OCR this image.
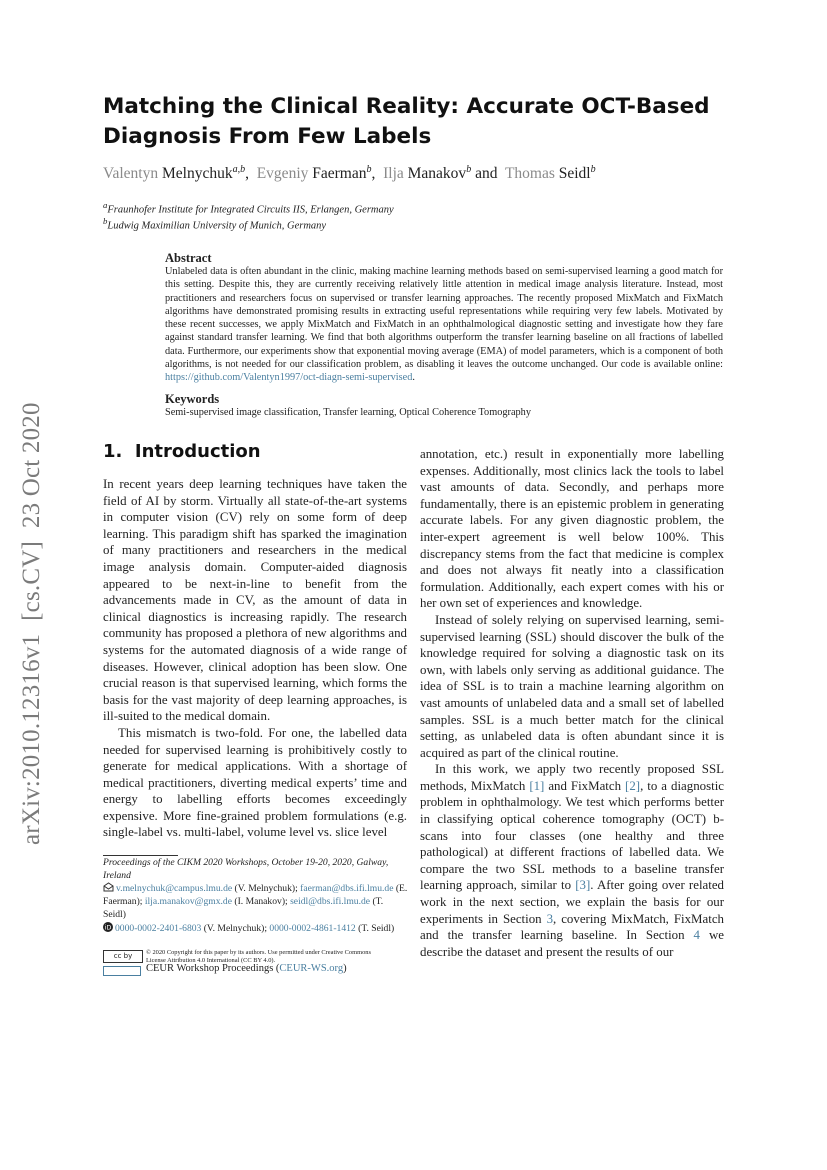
arXiv:2010.12316v1  [cs.CV]  23 Oct 2020
Matching the Clinical Reality: Accurate OCT-Based Diagnosis From Few Labels
Valentyn Melnychuk$^{a,b}$, Evgeniy Faerman$^b$, Ilja Manakov$^b$ and Thomas Seidl$^b$
$^a$Fraunhofer Institute for Integrated Circuits IIS, Erlangen, Germany
$^b$Ludwig Maximilian University of Munich, Germany
Abstract
Unlabeled data is often abundant in the clinic, making machine learning methods based on semi-supervised learning a good match for this setting. Despite this, they are currently receiving relatively little attention in medical image analysis literature. Instead, most practitioners and researchers focus on supervised or transfer learning approaches. The recently proposed MixMatch and FixMatch algorithms have demonstrated promising results in extracting useful representations while requiring very few labels. Motivated by these recent successes, we apply MixMatch and FixMatch in an ophthalmological diagnostic setting and investigate how they fare against standard transfer learning. We find that both algorithms outperform the transfer learning baseline on all fractions of labelled data. Furthermore, our experiments show that exponential moving average (EMA) of model parameters, which is a component of both algorithms, is not needed for our classification problem, as disabling it leaves the outcome unchanged. Our code is available online: https://github.com/Valentyn1997/oct-diagn-semi-supervised.
Keywords
Semi-supervised image classification, Transfer learning, Optical Coherence Tomography
1. Introduction

In recent years deep learning techniques have taken the field of AI by storm. Virtually all state-of-the-art systems in computer vision (CV) rely on some form of deep learning. This paradigm shift has sparked the imagination of many practitioners and researchers in the medical image analysis domain. Computer-aided diagnosis appeared to be next-in-line to benefit from the advancements made in CV, as the amount of data in clinical diagnostics is increasing rapidly. The research community has proposed a plethora of new algorithms and systems for the automated diagnosis of a wide range of diseases. However, clinical adoption has been slow. One crucial reason is that supervised learning, which forms the basis for the vast majority of deep learning approaches, is ill-suited to the medical domain.

This mismatch is two-fold. For one, the labelled data needed for supervised learning is prohibitively costly to generate for medical applications. With a shortage of medical practitioners, diverting medical experts’ time and energy to labelling efforts becomes exceedingly expensive. More fine-grained problem formulations (e.g. single-label vs. multi-label, volume level vs. slice level

annotation, etc.) result in exponentially more labelling expenses. Additionally, most clinics lack the tools to label vast amounts of data. Secondly, and perhaps more fundamentally, there is an epistemic problem in generating accurate labels. For any given diagnostic problem, the inter-expert agreement is well below 100%. This discrepancy stems from the fact that medicine is complex and does not always fit neatly into a classification formulation. Additionally, each expert comes with his or her own set of experiences and knowledge.

Instead of solely relying on supervised learning, semi-supervised learning (SSL) should discover the bulk of the knowledge required for solving a diagnostic task on its own, with labels only serving as additional guidance. The idea of SSL is to train a machine learning algorithm on vast amounts of unlabeled data and a small set of labelled samples. SSL is a much better match for the clinical setting, as unlabeled data is often abundant since it is acquired as part of the clinical routine.

In this work, we apply two recently proposed SSL methods, MixMatch [1] and FixMatch [2], to a diagnostic problem in ophthalmology. We test which performs better in classifying optical coherence tomography (OCT) b-scans into four classes (one healthy and three pathological) at different fractions of labelled data. We compare the two SSL methods to a baseline transfer learning approach, similar to [3]. After going over related work in the next section, we explain the basis for our experiments in Section 3, covering MixMatch, FixMatch and the transfer learning baseline. In Section 4 we describe the dataset and present the results of our

Proceedings of the CIKM 2020 Workshops, October 19-20, 2020, Galway, Ireland
v.melnychuk@campus.lmu.de (V. Melnychuk); faerman@dbs.ifi.lmu.de (E. Faerman); ilja.manakov@gmx.de (I. Manakov); seidl@dbs.ifi.lmu.de (T. Seidl)
iD 0000-0002-2401-6803 (V. Melnychuk); 0000-0002-4861-1412 (T. Seidl)
cc by	© 2020 Copyright for this paper by its authors. Use permitted under Creative Commons License Attribution 4.0 International (CC BY 4.0).
CEUR Workshop Proceedings (CEUR-WS.org)
